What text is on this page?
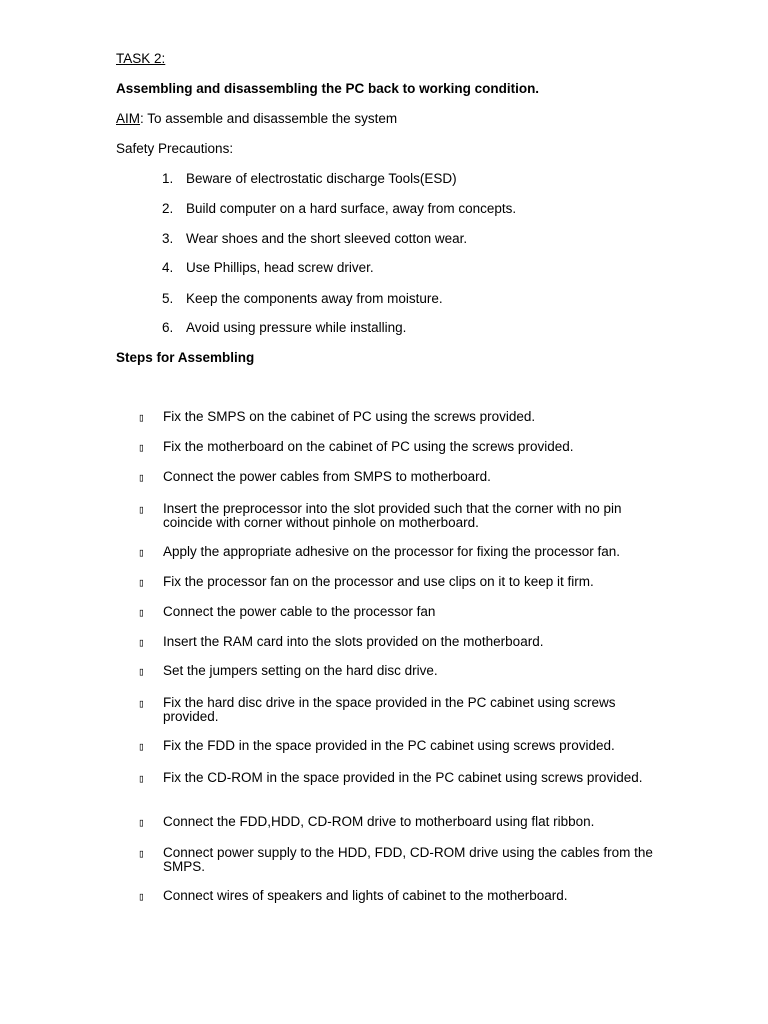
TASK 2:
Assembling and disassembling the PC back to working condition.
AIM: To assemble and disassemble the system
Safety Precautions:
1. Beware of electrostatic discharge Tools(ESD)
2. Build computer on a hard surface, away from concepts.
3. Wear shoes and the short sleeved cotton wear.
4. Use Phillips, head screw driver.
5. Keep the components away from moisture.
6. Avoid using pressure while installing.
Steps for Assembling
▯ Fix the SMPS on the cabinet of PC using the screws provided.
▯ Fix the motherboard on the cabinet of PC using the screws provided.
▯ Connect the power cables from SMPS to motherboard.
▯ Insert the preprocessor into the slot provided such that the corner with no pin coincide with corner without pinhole on motherboard.
▯ Apply the appropriate adhesive on the processor for fixing the processor fan.
▯ Fix the processor fan on the processor and use clips on it to keep it firm.
▯ Connect the power cable to the processor fan
▯ Insert the RAM card into the slots provided on the motherboard.
▯ Set the jumpers setting on the hard disc drive.
▯ Fix the hard disc drive in the space provided in the PC cabinet using screws provided.
▯ Fix the FDD in the space provided in the PC cabinet using screws provided.
▯ Fix the CD-ROM in the space provided in the PC cabinet using screws provided.
▯ Connect the FDD,HDD, CD-ROM drive to motherboard using flat ribbon.
▯ Connect power supply to the HDD, FDD, CD-ROM drive using the cables from the SMPS.
▯ Connect wires of speakers and lights of cabinet to the motherboard.
